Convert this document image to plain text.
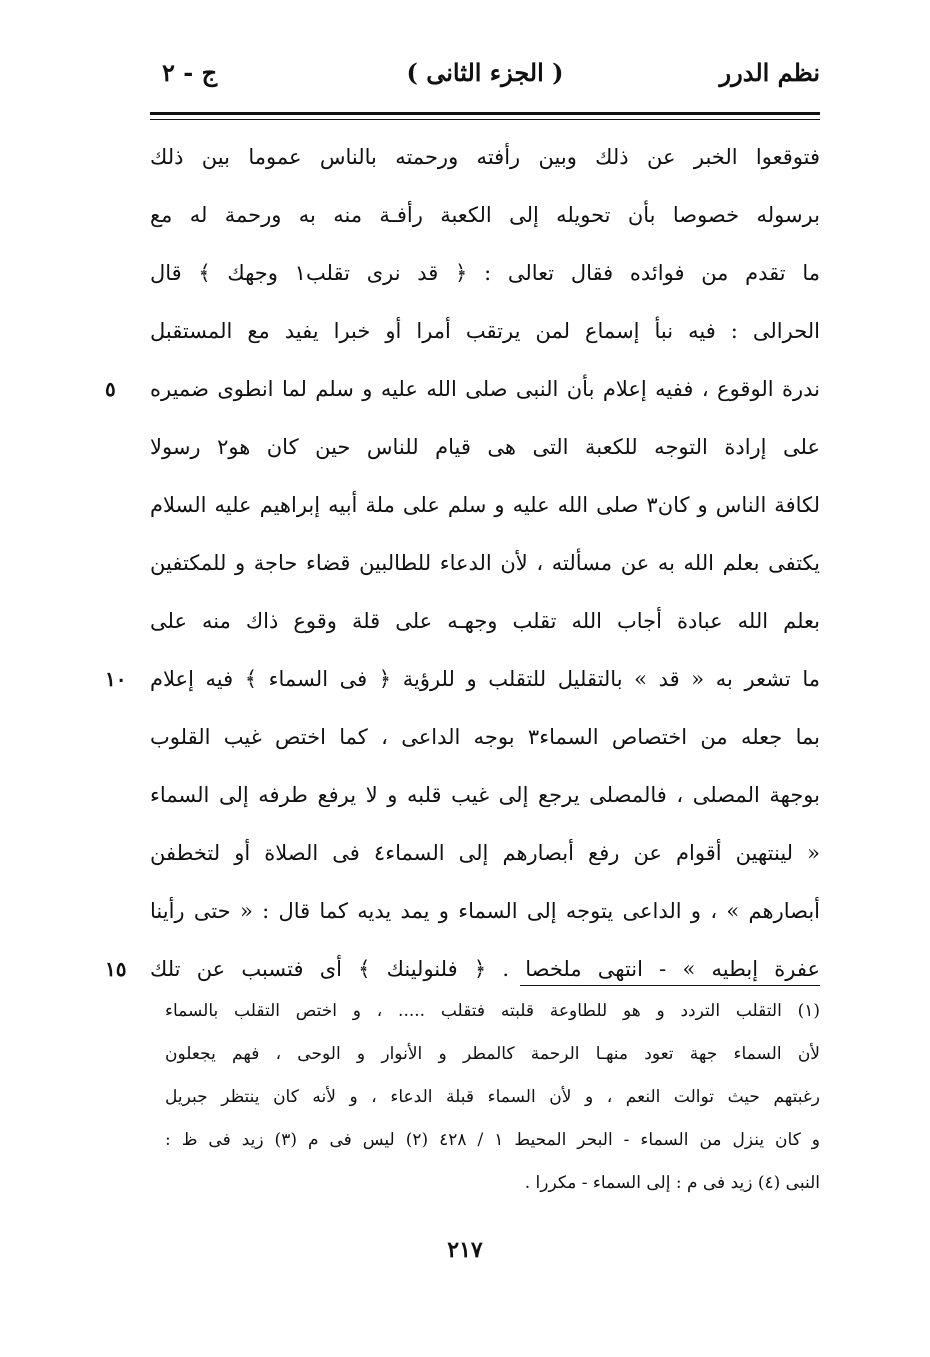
نظم الدرر
( الجزء الثانى )
ج - ٢
فتوقعوا الخبر عن ذلك وبين رأفته ورحمته بالناس عموما بين ذلك
برسوله خصوصا بأن تحويله إلى الكعبة رأفـة منه به ورحمة له مع
ما تقدم من فوائده فقال تعالى : ﴿ قد نرى تقلب١ وجهك ﴾ قال
الحرالى : فيه نبأ إسماع لمن يرتقب أمرا أو خبرا يفيد مع المستقبل
ندرة الوقوع ، ففيه إعلام بأن النبى صلى الله عليه و سلم لما انطوى ضميره
٥
على إرادة التوجه للكعبة التى هى قيام للناس حين كان هو٢ رسولا
لكافة الناس و كان٣ صلى الله عليه و سلم على ملة أبيه إبراهيم عليه السلام
يكتفى بعلم الله به عن مسألته ، لأن الدعاء للطالبين قضاء حاجة و للمكتفين
بعلم الله عبادة أجاب الله تقلب وجهـه على قلة وقوع ذاك منه على
ما تشعر به « قد » بالتقليل للتقلب و للرؤية ﴿ فى السماء ﴾ فيه إعلام
١٠
بما جعله من اختصاص السماء٣ بوجه الداعى ، كما اختص غيب القلوب
بوجهة المصلى ، فالمصلى يرجع إلى غيب قلبه و لا يرفع طرفه إلى السماء
« لينتهين أقوام عن رفع أبصارهم إلى السماء٤ فى الصلاة أو لتخطفن
أبصارهم » ، و الداعى يتوجه إلى السماء و يمد يديه كما قال : « حتى رأينا
عفرة إبطيه » - انتهى ملخصا . ﴿ فلنولينك ﴾ أى فتسبب عن تلك
١٥
(١) التقلب التردد و هو للطاوعة قلبته فتقلب ..... ، و اختص التقلب بالسماء
لأن السماء جهة تعود منهـا الرحمة كالمطر و الأنوار و الوحى ، فهم يجعلون
رغبتهم حيث توالت النعم ، و لأن السماء قبلة الدعاء ، و لأنه كان ينتظر جبريل
و كان ينزل من السماء - البحر المحيط ١ / ٤٢٨ (٢) ليس فى م (٣) زيد فى ظ :
النبى (٤) زيد فى م : إلى السماء - مكررا .
٢١٧
